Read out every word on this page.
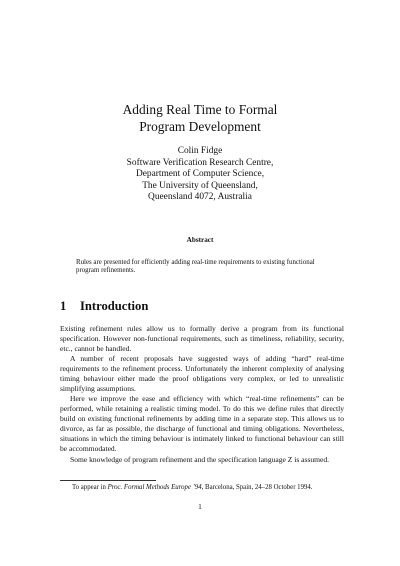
Adding Real Time to Formal
Program Development
Colin Fidge
Software Verification Research Centre,
Department of Computer Science,
The University of Queensland,
Queensland 4072, Australia
Abstract
Rules are presented for efficiently adding real-time requirements to existing functional program refinements.
1 Introduction

Existing refinement rules allow us to formally derive a program from its functional specification. However non-functional requirements, such as timeliness, reliability, security, etc., cannot be handled.

A number of recent proposals have suggested ways of adding “hard” real-time requirements to the refinement process. Unfortunately the inherent complexity of analysing timing behaviour either made the proof obligations very complex, or led to unrealistic simplifying assumptions.

Here we improve the ease and efficiency with which “real-time refinements” can be performed, while retaining a realistic timing model. To do this we define rules that directly build on existing functional refinements by adding time in a separate step. This allows us to divorce, as far as possible, the discharge of functional and timing obligations. Nevertheless, situations in which the timing behaviour is intimately linked to functional behaviour can still be accommodated.

Some knowledge of program refinement and the specification language Z is assumed.

To appear in Proc. Formal Methods Europe ’94, Barcelona, Spain, 24–28 October 1994.
1
